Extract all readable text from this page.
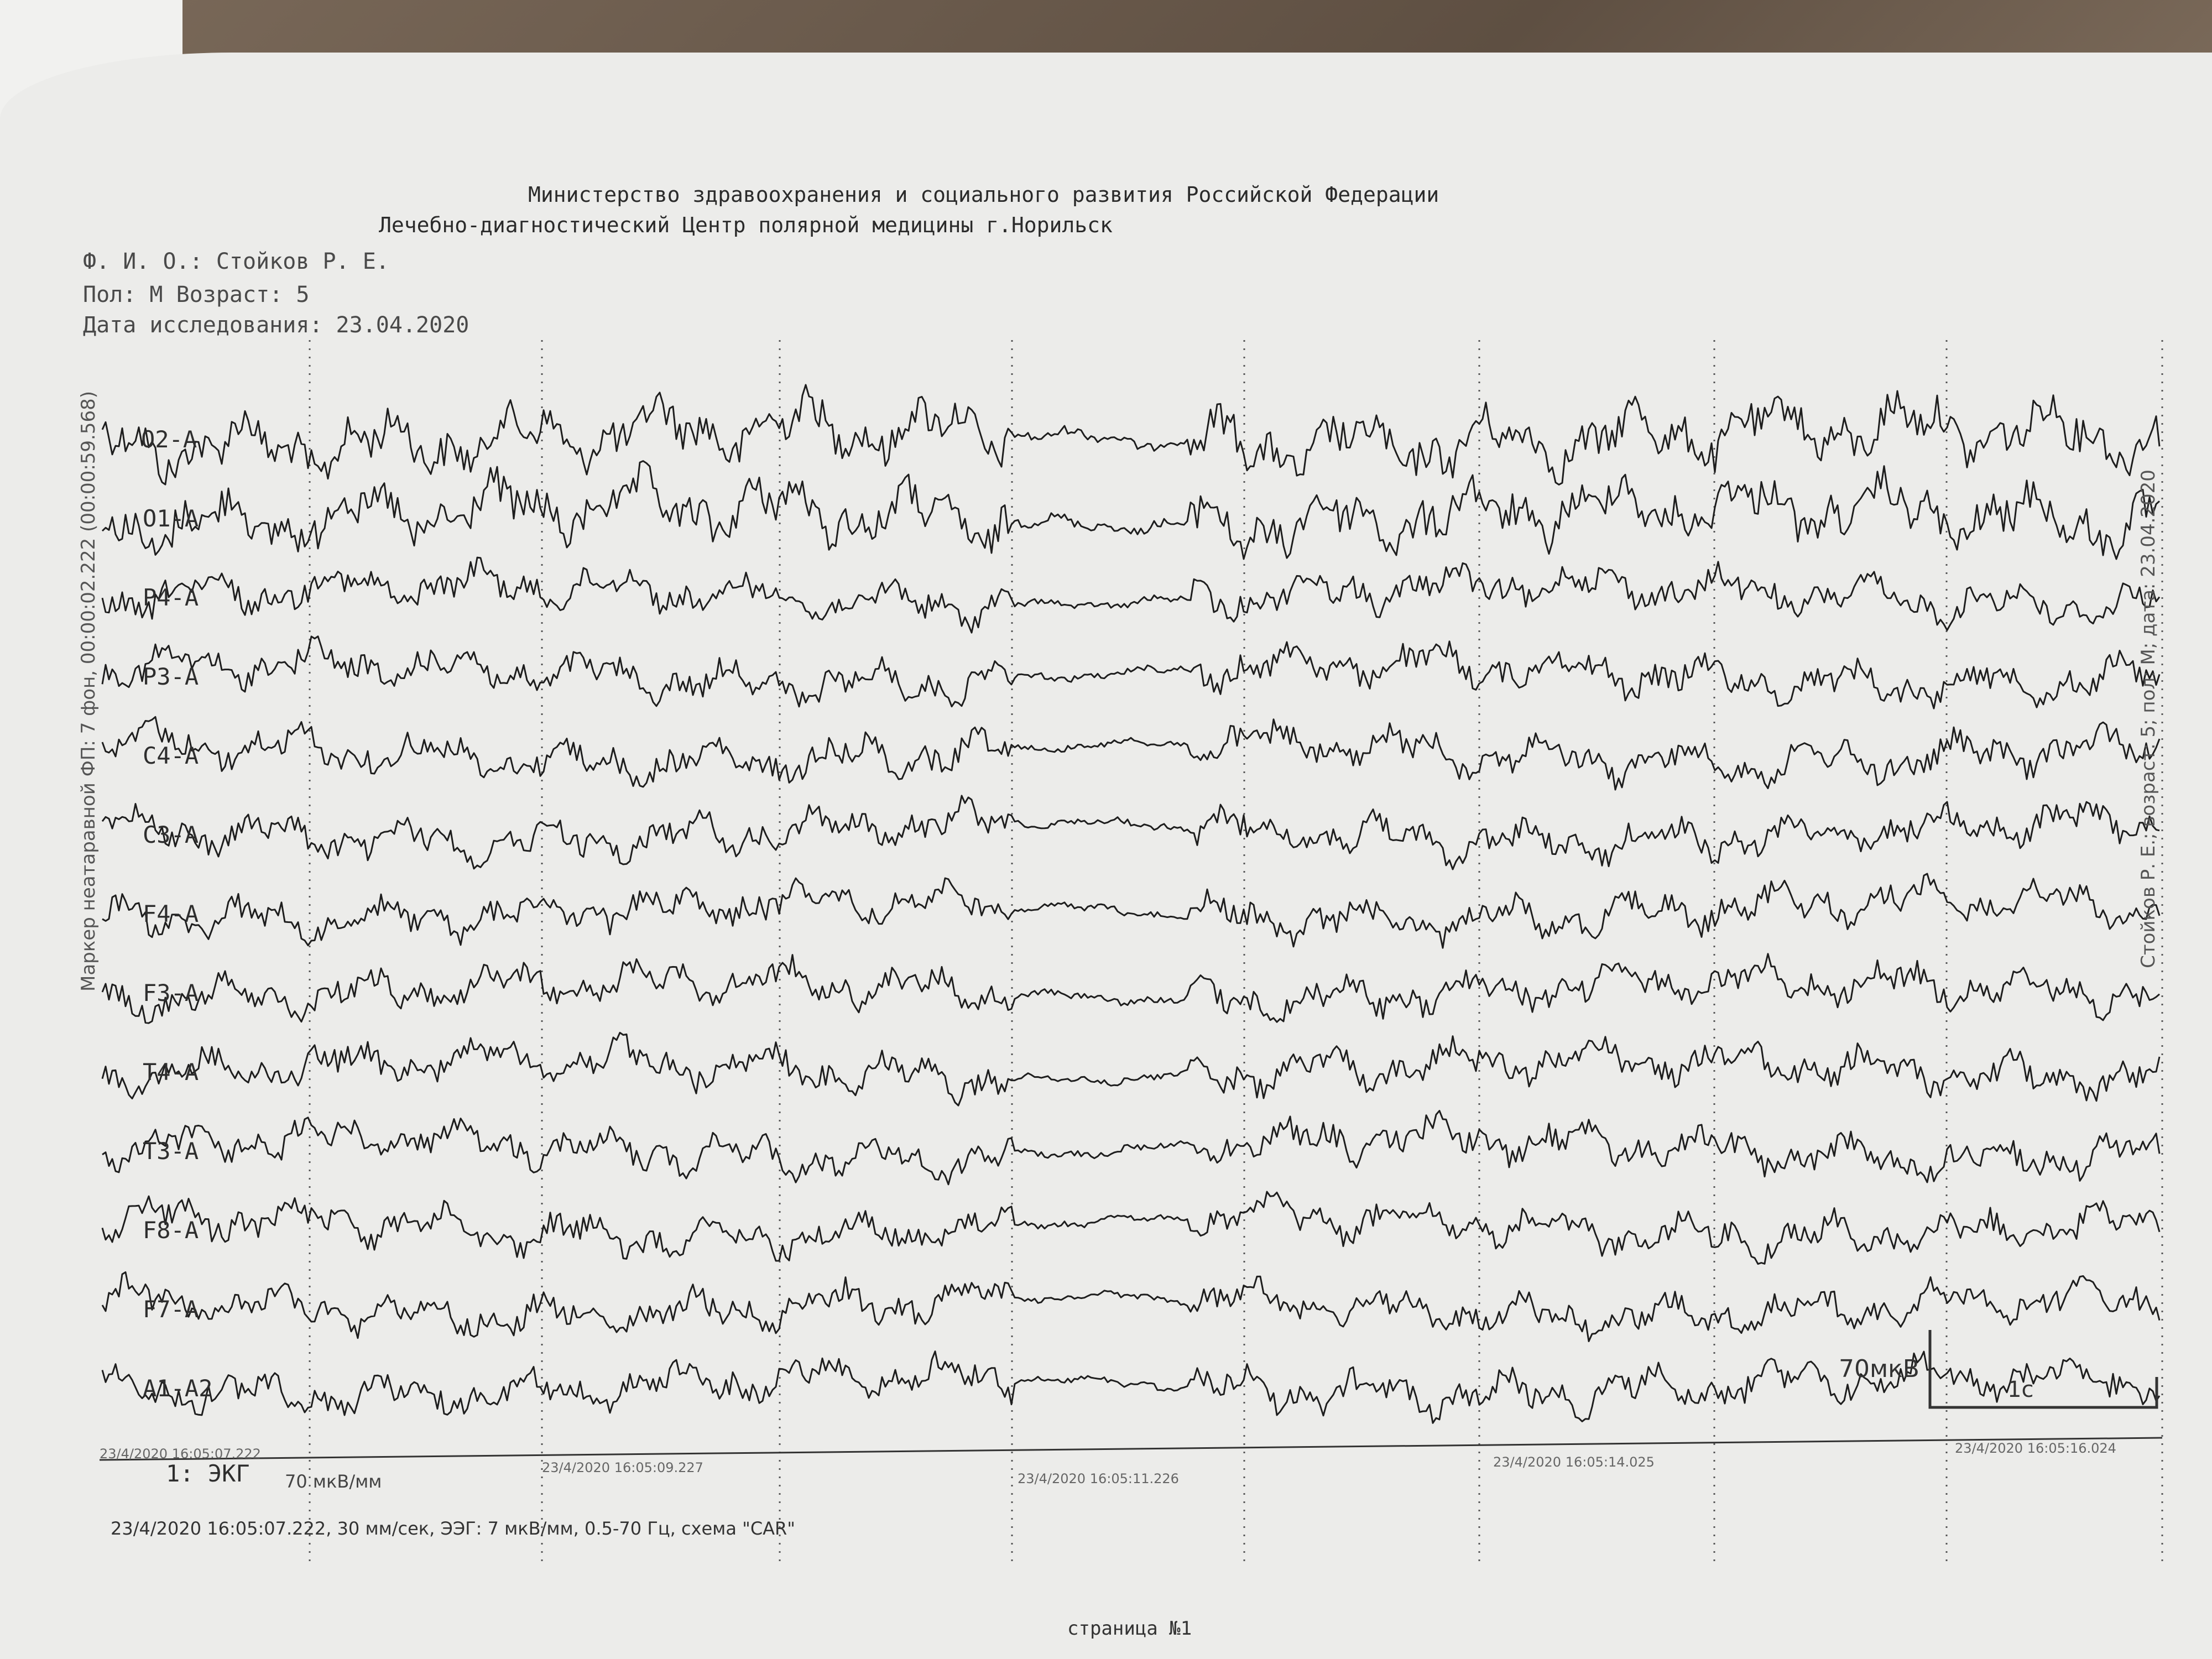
Министерство здравоохранения и социального развития Российской Федерации
Лечебно-диагностический Центр полярной медицины г.Норильск
Ф. И. О.: Стойков Р. Е.
Пол: М Возраст: 5
Дата исследования: 23.04.2020
O2-A
O1-A
P4-A
P3-A
C4-A
C3-A
F4-A
F3-A
T4-A
T3-A
F8-A
F7-A
A1-A2
Маркер неатаравной ФП: 7 фон, 00:00:02.222 (00:00:59.568)	Стойков Р. Е.; возраст: 5; пол: М; дата: 23.04.2020
23/4/2020 16:05:07.222
23/4/2020 16:05:09.227
23/4/2020 16:05:11.226
23/4/2020 16:05:14.025
23/4/2020 16:05:16.024
70мкВ
1с
1: ЭКГ 70 мкВ/мм
23/4/2020 16:05:07.222, 30 мм/сек, ЭЭГ: 7 мкВ/мм, 0.5-70 Гц, схема "CAR"
страница №1
